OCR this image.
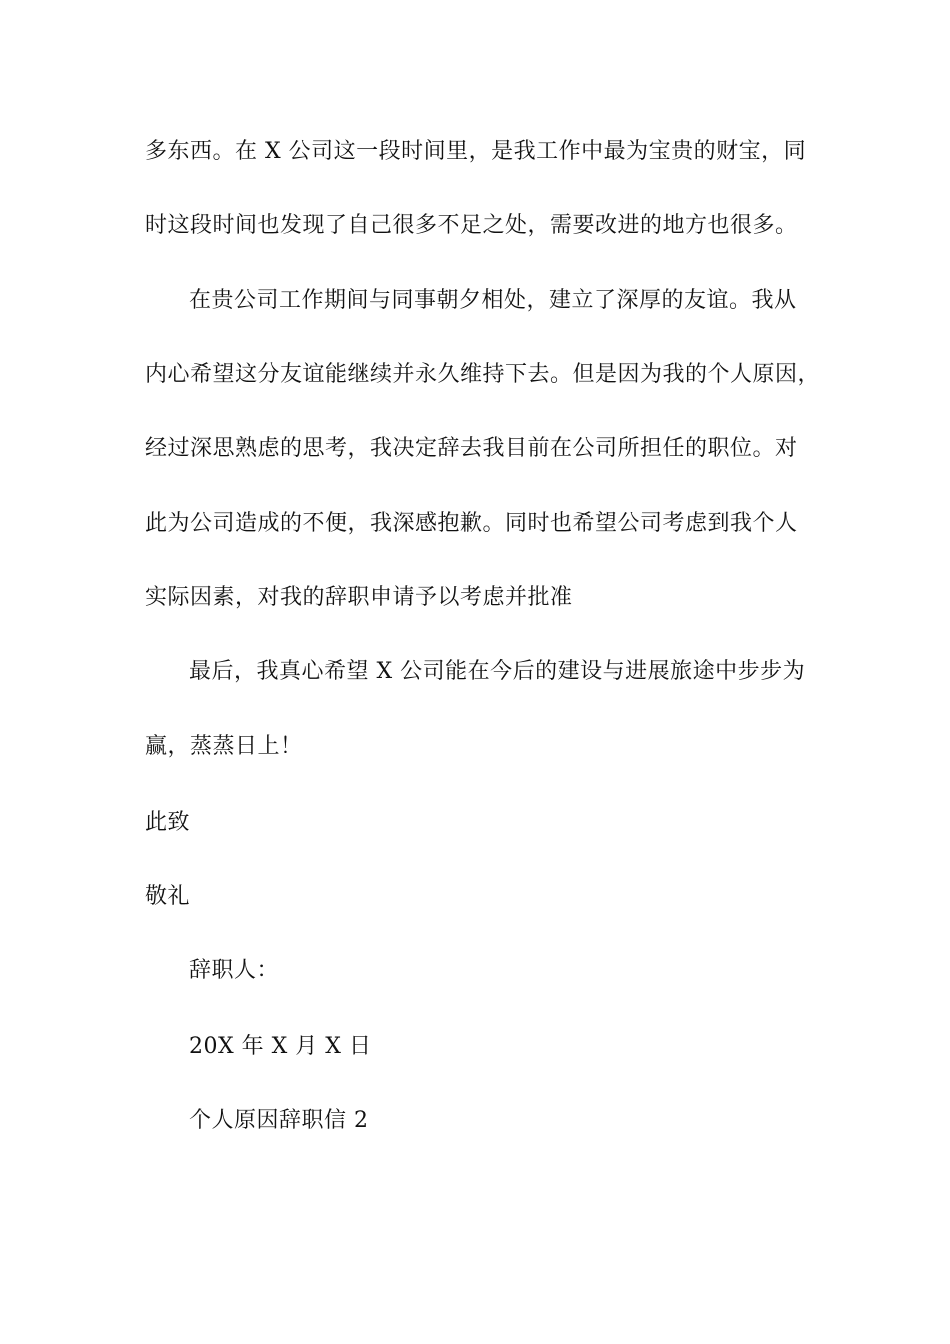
多东西。在 X 公司这一段时间里，是我工作中最为宝贵的财宝，同
时这段时间也发现了自己很多不足之处，需要改进的地方也很多。
在贵公司工作期间与同事朝夕相处，建立了深厚的友谊。我从
内心希望这分友谊能继续并永久维持下去。但是因为我的个人原因，
经过深思熟虑的思考，我决定辞去我目前在公司所担任的职位。对
此为公司造成的不便，我深感抱歉。同时也希望公司考虑到我个人
实际因素，对我的辞职申请予以考虑并批准
最后，我真心希望 X 公司能在今后的建设与进展旅途中步步为
赢，蒸蒸日上！
此致
敬礼
辞职人：
20X 年 X 月 X 日
个人原因辞职信 2
